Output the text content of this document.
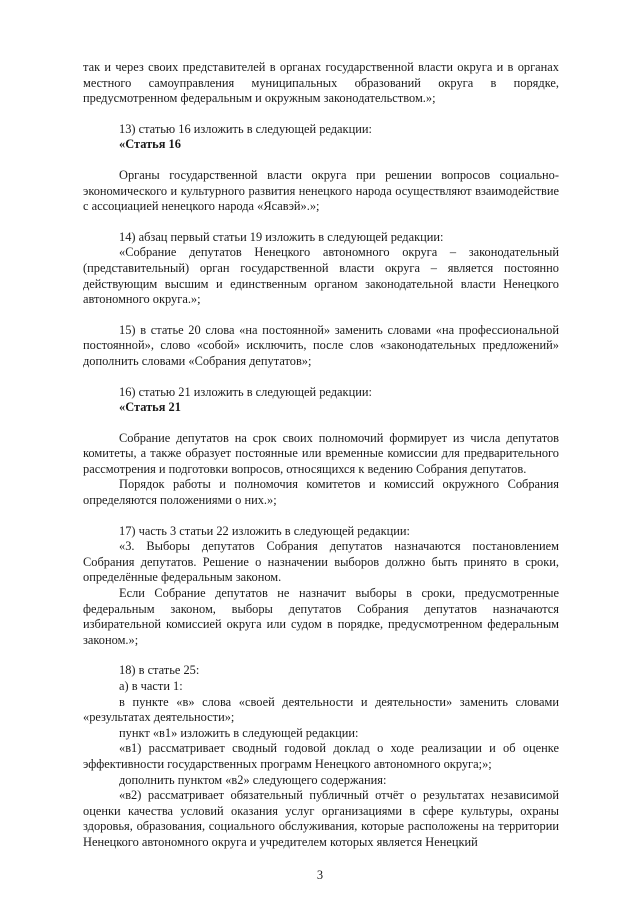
так и через своих представителей в органах государственной власти округа и в органах местного самоуправления муниципальных образований округа в порядке, предусмотренном федеральным и окружным законодательством.»;

13) статью 16 изложить в следующей редакции:

«Статья 16

Органы государственной власти округа при решении вопросов социально-экономического и культурного развития ненецкого народа осуществляют взаимодействие с ассоциацией ненецкого народа «Ясавэй».»;

14) абзац первый статьи 19 изложить в следующей редакции:

«Собрание депутатов Ненецкого автономного округа – законодательный (представительный) орган государственной власти округа – является постоянно действующим высшим и единственным органом законодательной власти Ненецкого автономного округа.»;

15) в статье 20 слова «на постоянной» заменить словами «на профессиональной постоянной», слово «собой» исключить, после слов «законодательных предложений» дополнить словами «Собрания депутатов»;

16) статью 21 изложить в следующей редакции:

«Статья 21

Собрание депутатов на срок своих полномочий формирует из числа депутатов комитеты, а также образует постоянные или временные комиссии для предварительного рассмотрения и подготовки вопросов, относящихся к ведению Собрания депутатов.

Порядок работы и полномочия комитетов и комиссий окружного Собрания определяются положениями о них.»;

17) часть 3 статьи 22 изложить в следующей редакции:

«3. Выборы депутатов Собрания депутатов назначаются постановлением Собрания депутатов. Решение о назначении выборов должно быть принято в сроки, определённые федеральным законом.

Если Собрание депутатов не назначит выборы в сроки, предусмотренные федеральным законом, выборы депутатов Собрания депутатов назначаются избирательной комиссией округа или судом в порядке, предусмотренном федеральным законом.»;

18) в статье 25:

а) в части 1:

в пункте «в» слова «своей деятельности и деятельности» заменить словами «результатах деятельности»;

пункт «в1» изложить в следующей редакции:

«в1) рассматривает сводный годовой доклад о ходе реализации и об оценке эффективности государственных программ Ненецкого автономного округа;»;

дополнить пунктом «в2» следующего содержания:

«в2) рассматривает обязательный публичный отчёт о результатах независимой оценки качества условий оказания услуг организациями в сфере культуры, охраны здоровья, образования, социального обслуживания, которые расположены на территории Ненецкого автономного округа и учредителем которых является Ненецкий

3
